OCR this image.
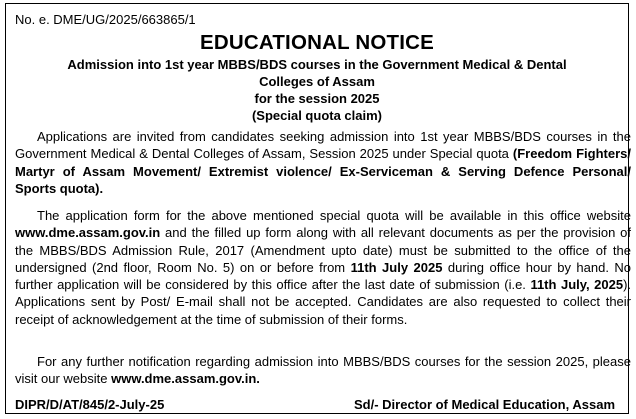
No. e. DME/UG/2025/663865/1
EDUCATIONAL NOTICE
Admission into 1st year MBBS/BDS courses in the Government Medical & Dental
Colleges of Assam
for the session 2025
(Special quota claim)

Applications are invited from candidates seeking admission into 1st year MBBS/BDS courses in the Government Medical & Dental Colleges of Assam, Session 2025 under Special quota (Freedom Fighters/ Martyr of Assam Movement/ Extremist violence/ Ex-Serviceman & Serving Defence Personal/ Sports quota).

The application form for the above mentioned special quota will be available in this office website www.dme.assam.gov.in and the filled up form along with all relevant documents as per the provision of the MBBS/BDS Admission Rule, 2017 (Amendment upto date) must be submitted to the office of the undersigned (2nd floor, Room No. 5) on or before from 11th July 2025 during office hour by hand. No further application will be considered by this office after the last date of submission (i.e. 11th July, 2025). Applications sent by Post/ E-mail shall not be accepted. Candidates are also requested to collect their receipt of acknowledgement at the time of submission of their forms.

For any further notification regarding admission into MBBS/BDS courses for the session 2025, please visit our website www.dme.assam.gov.in.

DIPR/D/AT/845/2-July-25	Sd/- Director of Medical Education, Assam
